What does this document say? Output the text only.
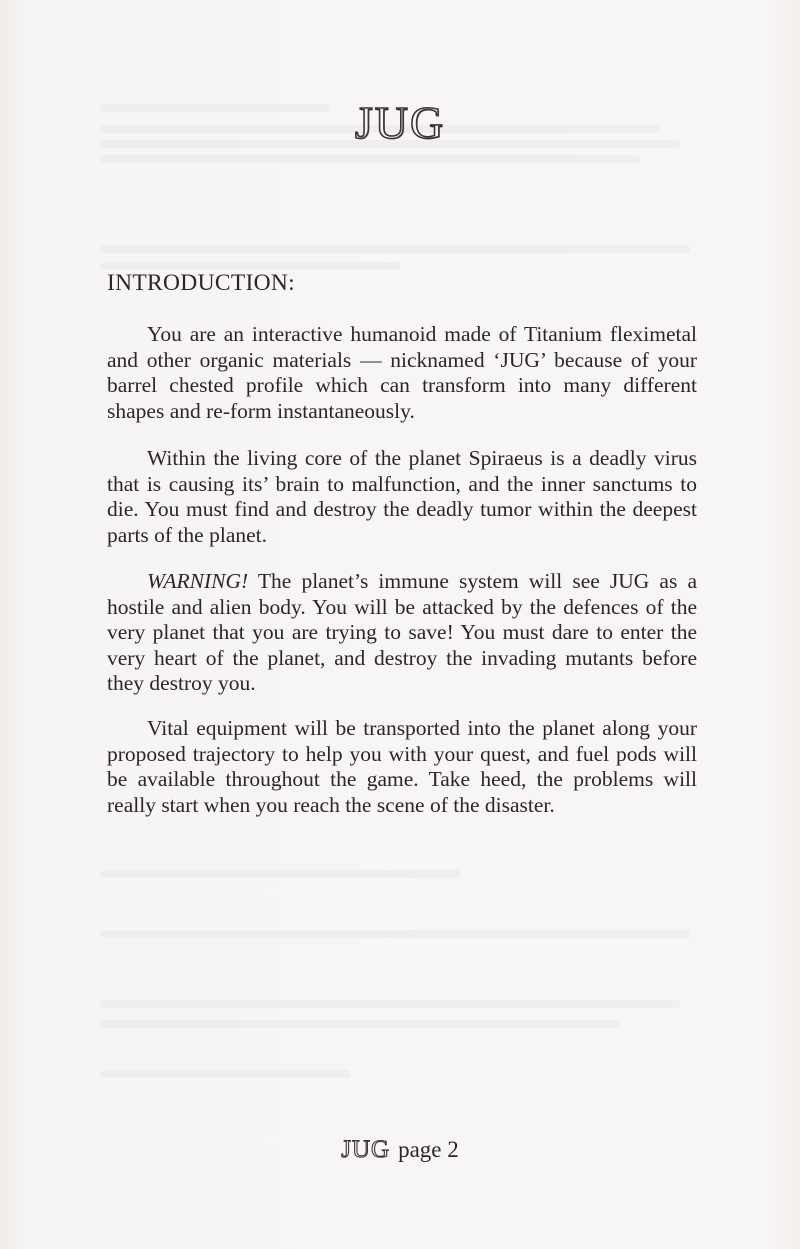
JUG
INTRODUCTION:

You are an interactive humanoid made of Titanium fleximetal and other organic materials — nicknamed ‘JUG’ because of your barrel chested profile which can transform into many different shapes and re-form instantaneously.

Within the living core of the planet Spiraeus is a deadly virus that is causing its’ brain to malfunction, and the inner sanctums to die. You must find and destroy the deadly tumor within the deepest parts of the planet.

WARNING! The planet’s immune system will see JUG as a hostile and alien body. You will be attacked by the defences of the very planet that you are trying to save! You must dare to enter the very heart of the planet, and destroy the invading mutants before they destroy you.

Vital equipment will be transported into the planet along your proposed trajectory to help you with your quest, and fuel pods will be available throughout the game. Take heed, the problems will really start when you reach the scene of the disaster.

JUG page 2
